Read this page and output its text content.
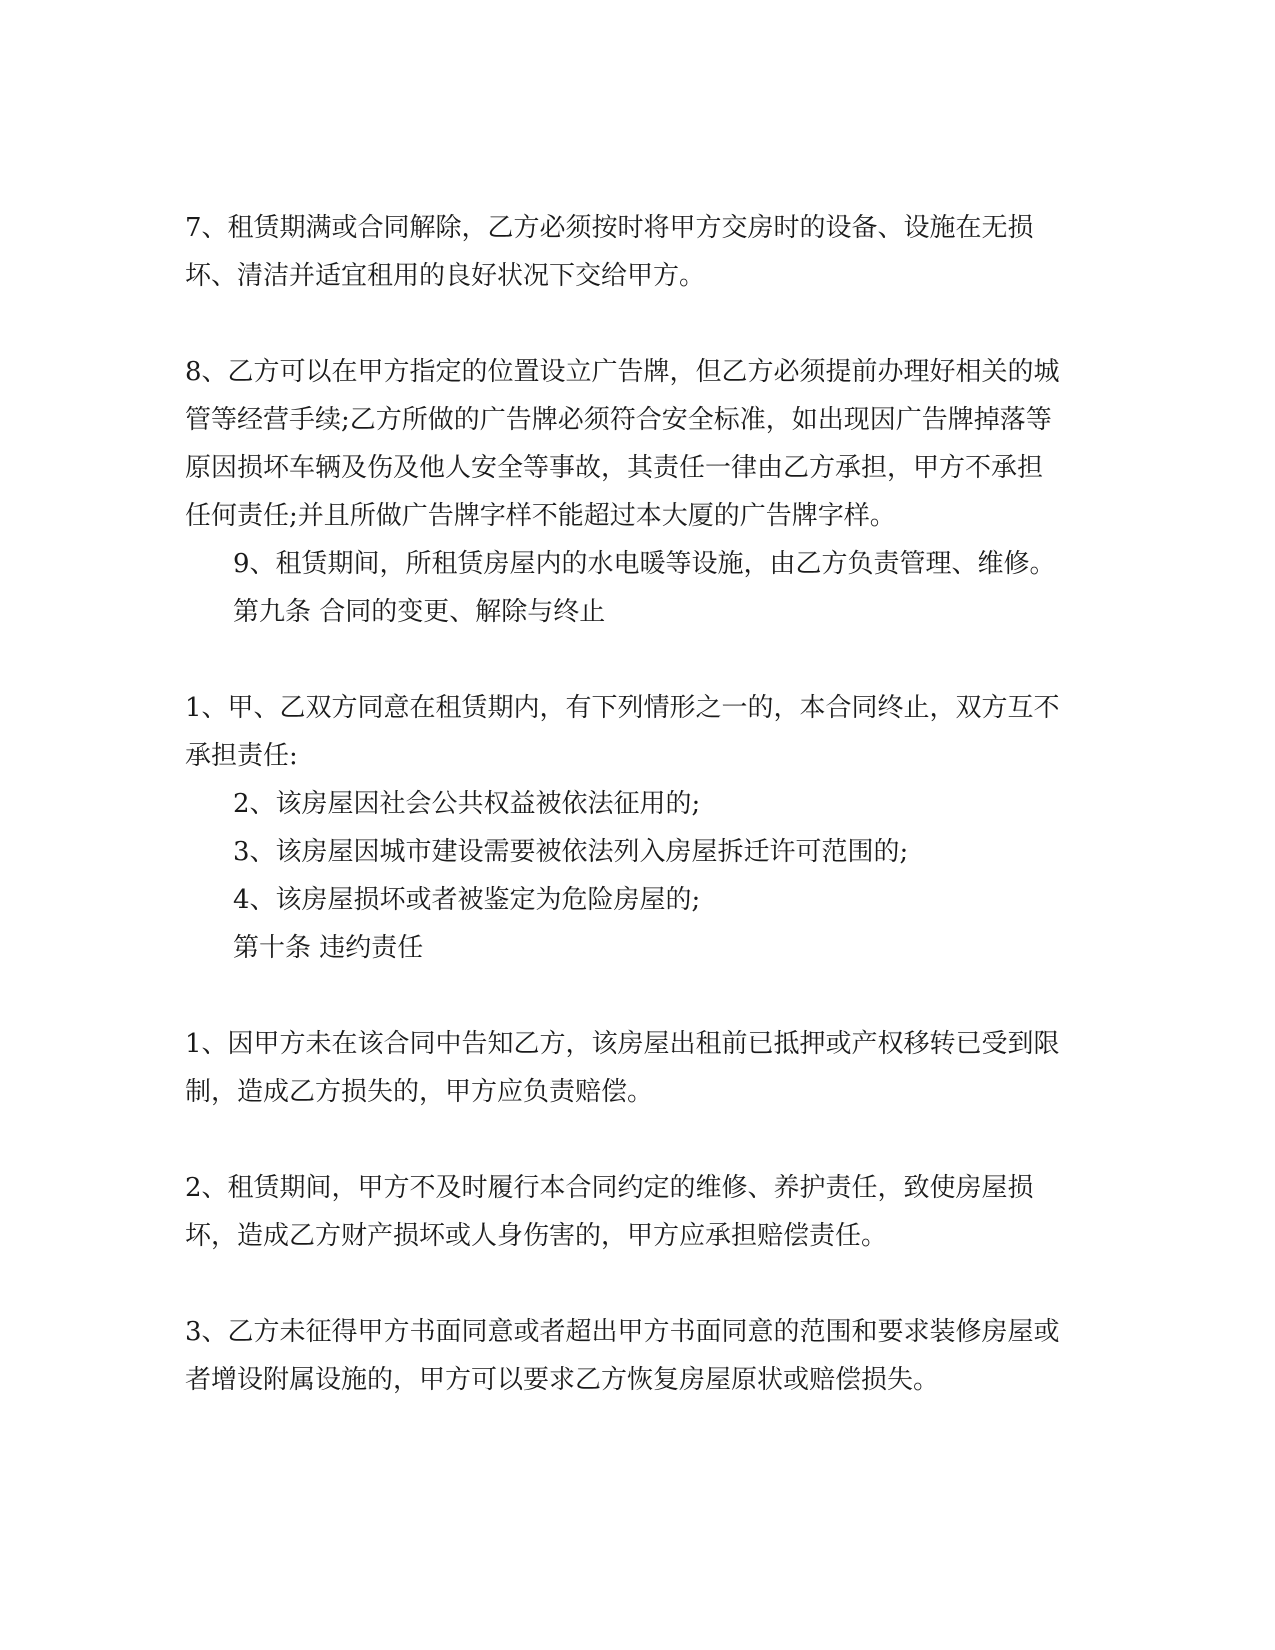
7、租赁期满或合同解除，乙方必须按时将甲方交房时的设备、设施在无损坏、清洁并适宜租用的良好状况下交给甲方。

8、乙方可以在甲方指定的位置设立广告牌，但乙方必须提前办理好相关的城管等经营手续;乙方所做的广告牌必须符合安全标准，如出现因广告牌掉落等原因损坏车辆及伤及他人安全等事故，其责任一律由乙方承担，甲方不承担任何责任;并且所做广告牌字样不能超过本大厦的广告牌字样。

9、租赁期间，所租赁房屋内的水电暖等设施，由乙方负责管理、维修。

第九条 合同的变更、解除与终止

1、甲、乙双方同意在租赁期内，有下列情形之一的，本合同终止，双方互不承担责任:

2、该房屋因社会公共权益被依法征用的;

3、该房屋因城市建设需要被依法列入房屋拆迁许可范围的;

4、该房屋损坏或者被鉴定为危险房屋的;

第十条 违约责任

1、因甲方未在该合同中告知乙方，该房屋出租前已抵押或产权移转已受到限制，造成乙方损失的，甲方应负责赔偿。

2、租赁期间，甲方不及时履行本合同约定的维修、养护责任，致使房屋损坏，造成乙方财产损坏或人身伤害的，甲方应承担赔偿责任。

3、乙方未征得甲方书面同意或者超出甲方书面同意的范围和要求装修房屋或者增设附属设施的，甲方可以要求乙方恢复房屋原状或赔偿损失。
